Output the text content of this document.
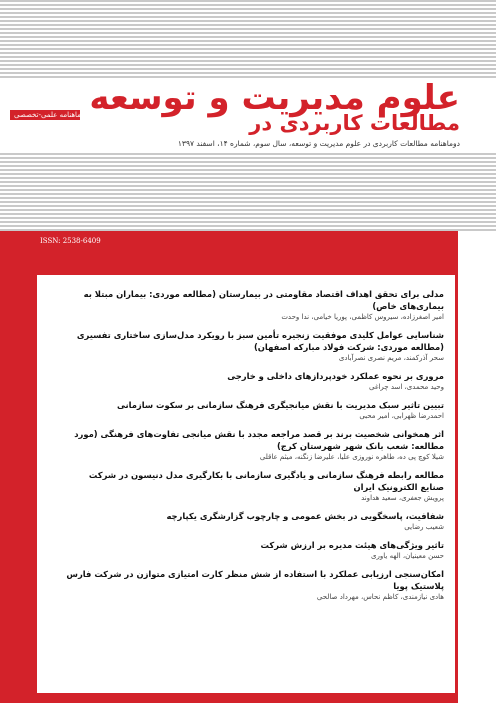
علوم مدیریت و توسعه
مطالعات کاربردی در
دو ماهنامه علمی-تخصصی
دوماهنامه مطالعات کاربردی در علوم مدیریت و توسعه، سال سوم، شماره ۱۴، اسفند ۱۳۹۷
ISSN: 2538-6409
مدلی برای تحقق اهداف اقتصاد مقاومتی در بیمارستان (مطالعه موردی: بیماران مبتلا به بیماری‌های خاص)
امیر اصغرزاده، سیروس کاظمی، پوریا خیامی، ندا وحدت
شناسایی عوامل کلیدی موفقیت زنجیره تأمین سبز با رویکرد مدل‌سازی ساختاری تفسیری (مطالعه موردی: شرکت فولاد مبارکه اصفهان)
سحر آذرکمند، مریم نصری نصرآبادی
مروری بر نحوه عملکرد خودپردازهای داخلی و خارجی
وحید محمدی، اسد چراغی
تبیین تاثیر سبک مدیریت با نقش میانجیگری فرهنگ سازمانی بر سکوت سازمانی
احمدرضا ظهرابی، امیر محبی
اثر همخوانی شخصیت برند بر قصد مراجعه مجدد با نقش میانجی تفاوت‌های فرهنگی (مورد مطالعه: شعب بانک شهر شهرستان کرج)
شیلا کوچ پی ده، طاهره نوروزی علیا، علیرضا زنگنه، میثم عاقلی
مطالعه رابطه فرهنگ سازمانی و یادگیری سازمانی با بکارگیری مدل دنیسون در شرکت صنایع الکترونیک ایران
پرویش جعفری، سعید هداوند
شفافیت، پاسخگویی در بخش عمومی و چارچوب گزارشگری یکپارچه
شعیب رضایی
تاثیر ویژگی‌های هیئت مدیره بر ارزش شرکت
حسن معینیان، الهه یاوری
امکان‌سنجی ارزیابی عملکرد با استفاده از شش منظر کارت امتیازی متوازن در شرکت فارس پلاستیک پویا
هادی نیازمندی، کاظم نحاس، مهرداد صالحی
